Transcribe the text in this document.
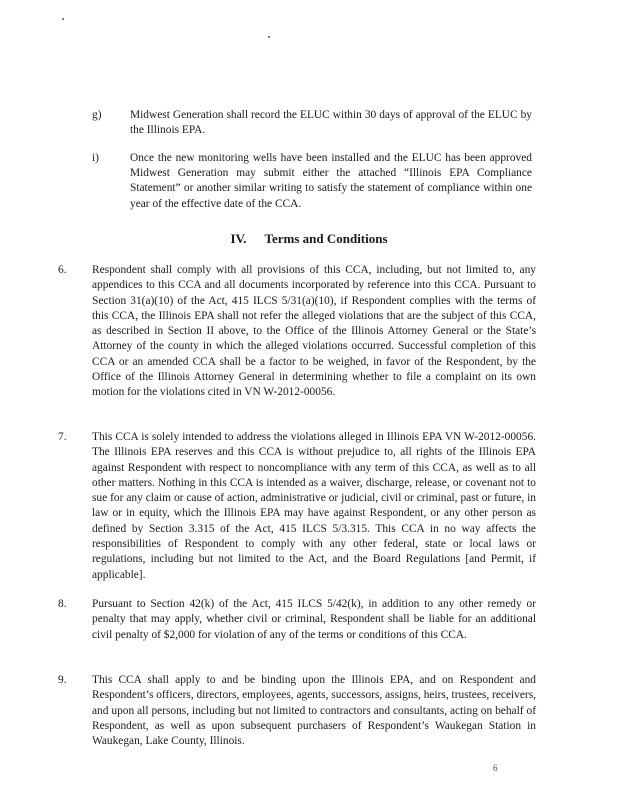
g)	Midwest Generation shall record the ELUC within 30 days of approval of the ELUC by the Illinois EPA.
i)	Once the new monitoring wells have been installed and the ELUC has been approved Midwest Generation may submit either the attached “Illinois EPA Compliance Statement” or another similar writing to satisfy the statement of compliance within one year of the effective date of the CCA.
IV. Terms and Conditions
6. Respondent shall comply with all provisions of this CCA, including, but not limited to, any appendices to this CCA and all documents incorporated by reference into this CCA. Pursuant to Section 31(a)(10) of the Act, 415 ILCS 5/31(a)(10), if Respondent complies with the terms of this CCA, the Illinois EPA shall not refer the alleged violations that are the subject of this CCA, as described in Section II above, to the Office of the Illinois Attorney General or the State’s Attorney of the county in which the alleged violations occurred. Successful completion of this CCA or an amended CCA shall be a factor to be weighed, in favor of the Respondent, by the Office of the Illinois Attorney General in determining whether to file a complaint on its own motion for the violations cited in VN W-2012-00056.
7. This CCA is solely intended to address the violations alleged in Illinois EPA VN W-2012-00056. The Illinois EPA reserves and this CCA is without prejudice to, all rights of the Illinois EPA against Respondent with respect to noncompliance with any term of this CCA, as well as to all other matters. Nothing in this CCA is intended as a waiver, discharge, release, or covenant not to sue for any claim or cause of action, administrative or judicial, civil or criminal, past or future, in law or in equity, which the Illinois EPA may have against Respondent, or any other person as defined by Section 3.315 of the Act, 415 ILCS 5/3.315. This CCA in no way affects the responsibilities of Respondent to comply with any other federal, state or local laws or regulations, including but not limited to the Act, and the Board Regulations [and Permit, if applicable].
8. Pursuant to Section 42(k) of the Act, 415 ILCS 5/42(k), in addition to any other remedy or penalty that may apply, whether civil or criminal, Respondent shall be liable for an additional civil penalty of $2,000 for violation of any of the terms or conditions of this CCA.
9. This CCA shall apply to and be binding upon the Illinois EPA, and on Respondent and Respondent’s officers, directors, employees, agents, successors, assigns, heirs, trustees, receivers, and upon all persons, including but not limited to contractors and consultants, acting on behalf of Respondent, as well as upon subsequent purchasers of Respondent’s Waukegan Station in Waukegan, Lake County, Illinois.
6
